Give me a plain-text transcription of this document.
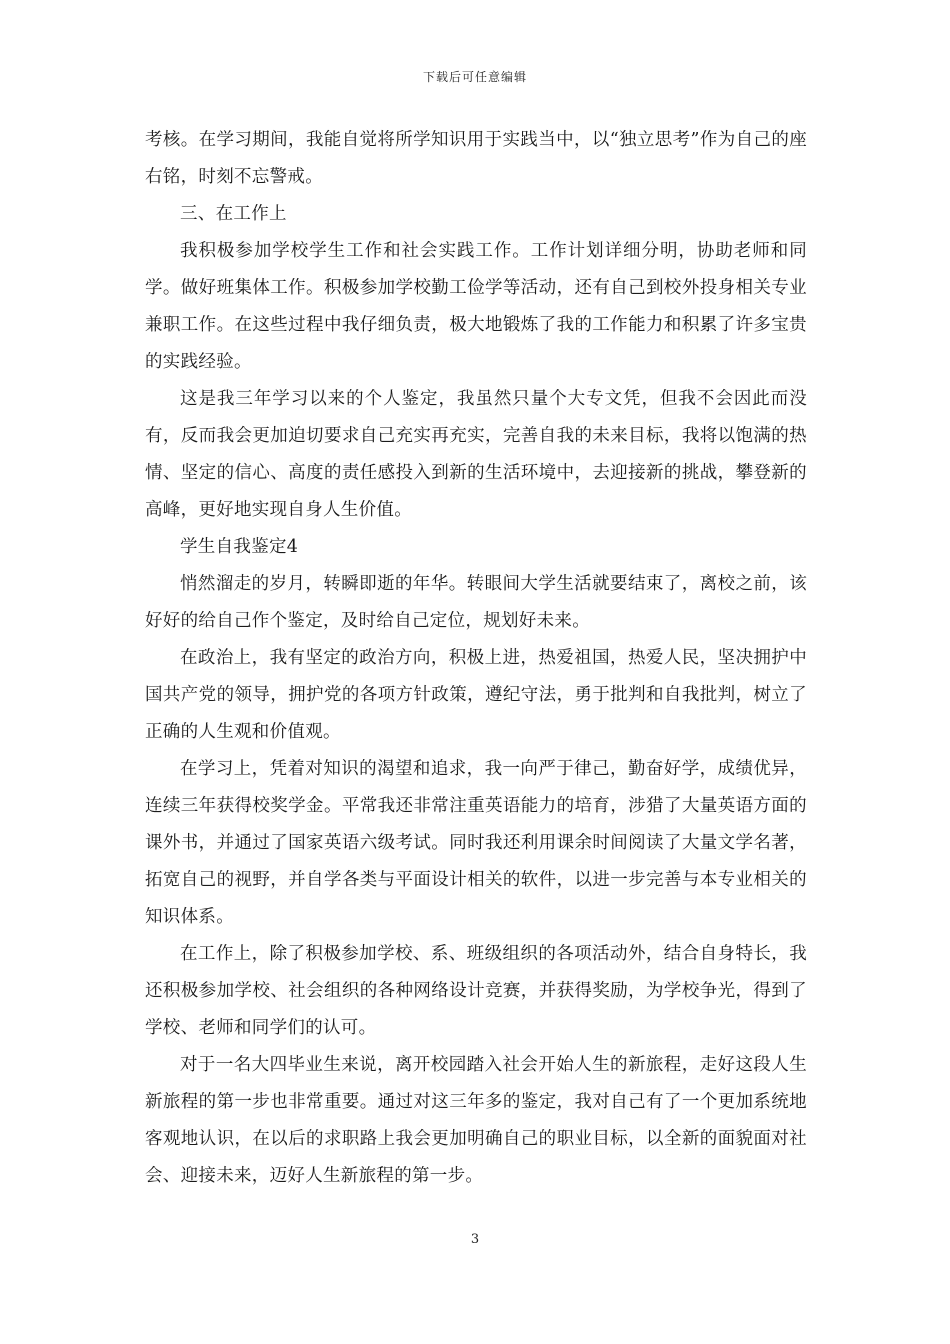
下载后可任意编辑

考核。在学习期间，我能自觉将所学知识用于实践当中，以“独立思考”作为自己的座右铭，时刻不忘警戒。

三、在工作上

我积极参加学校学生工作和社会实践工作。工作计划详细分明，协助老师和同学。做好班集体工作。积极参加学校勤工俭学等活动，还有自己到校外投身相关专业兼职工作。在这些过程中我仔细负责，极大地锻炼了我的工作能力和积累了许多宝贵的实践经验。

这是我三年学习以来的个人鉴定，我虽然只量个大专文凭，但我不会因此而没有，反而我会更加迫切要求自己充实再充实，完善自我的未来目标，我将以饱满的热情、坚定的信心、高度的责任感投入到新的生活环境中，去迎接新的挑战，攀登新的高峰，更好地实现自身人生价值。

学生自我鉴定4

悄然溜走的岁月，转瞬即逝的年华。转眼间大学生活就要结束了，离校之前，该好好的给自己作个鉴定，及时给自己定位，规划好未来。

在政治上，我有坚定的政治方向，积极上进，热爱祖国，热爱人民，坚决拥护中国共产党的领导，拥护党的各项方针政策，遵纪守法，勇于批判和自我批判，树立了正确的人生观和价值观。

在学习上，凭着对知识的渴望和追求，我一向严于律己，勤奋好学，成绩优异，连续三年获得校奖学金。平常我还非常注重英语能力的培育，涉猎了大量英语方面的课外书，并通过了国家英语六级考试。同时我还利用课余时间阅读了大量文学名著，拓宽自己的视野，并自学各类与平面设计相关的软件，以进一步完善与本专业相关的知识体系。

在工作上，除了积极参加学校、系、班级组织的各项活动外，结合自身特长，我还积极参加学校、社会组织的各种网络设计竞赛，并获得奖励，为学校争光，得到了学校、老师和同学们的认可。

对于一名大四毕业生来说，离开校园踏入社会开始人生的新旅程，走好这段人生新旅程的第一步也非常重要。通过对这三年多的鉴定，我对自己有了一个更加系统地客观地认识，在以后的求职路上我会更加明确自己的职业目标，以全新的面貌面对社会、迎接未来，迈好人生新旅程的第一步。

3
